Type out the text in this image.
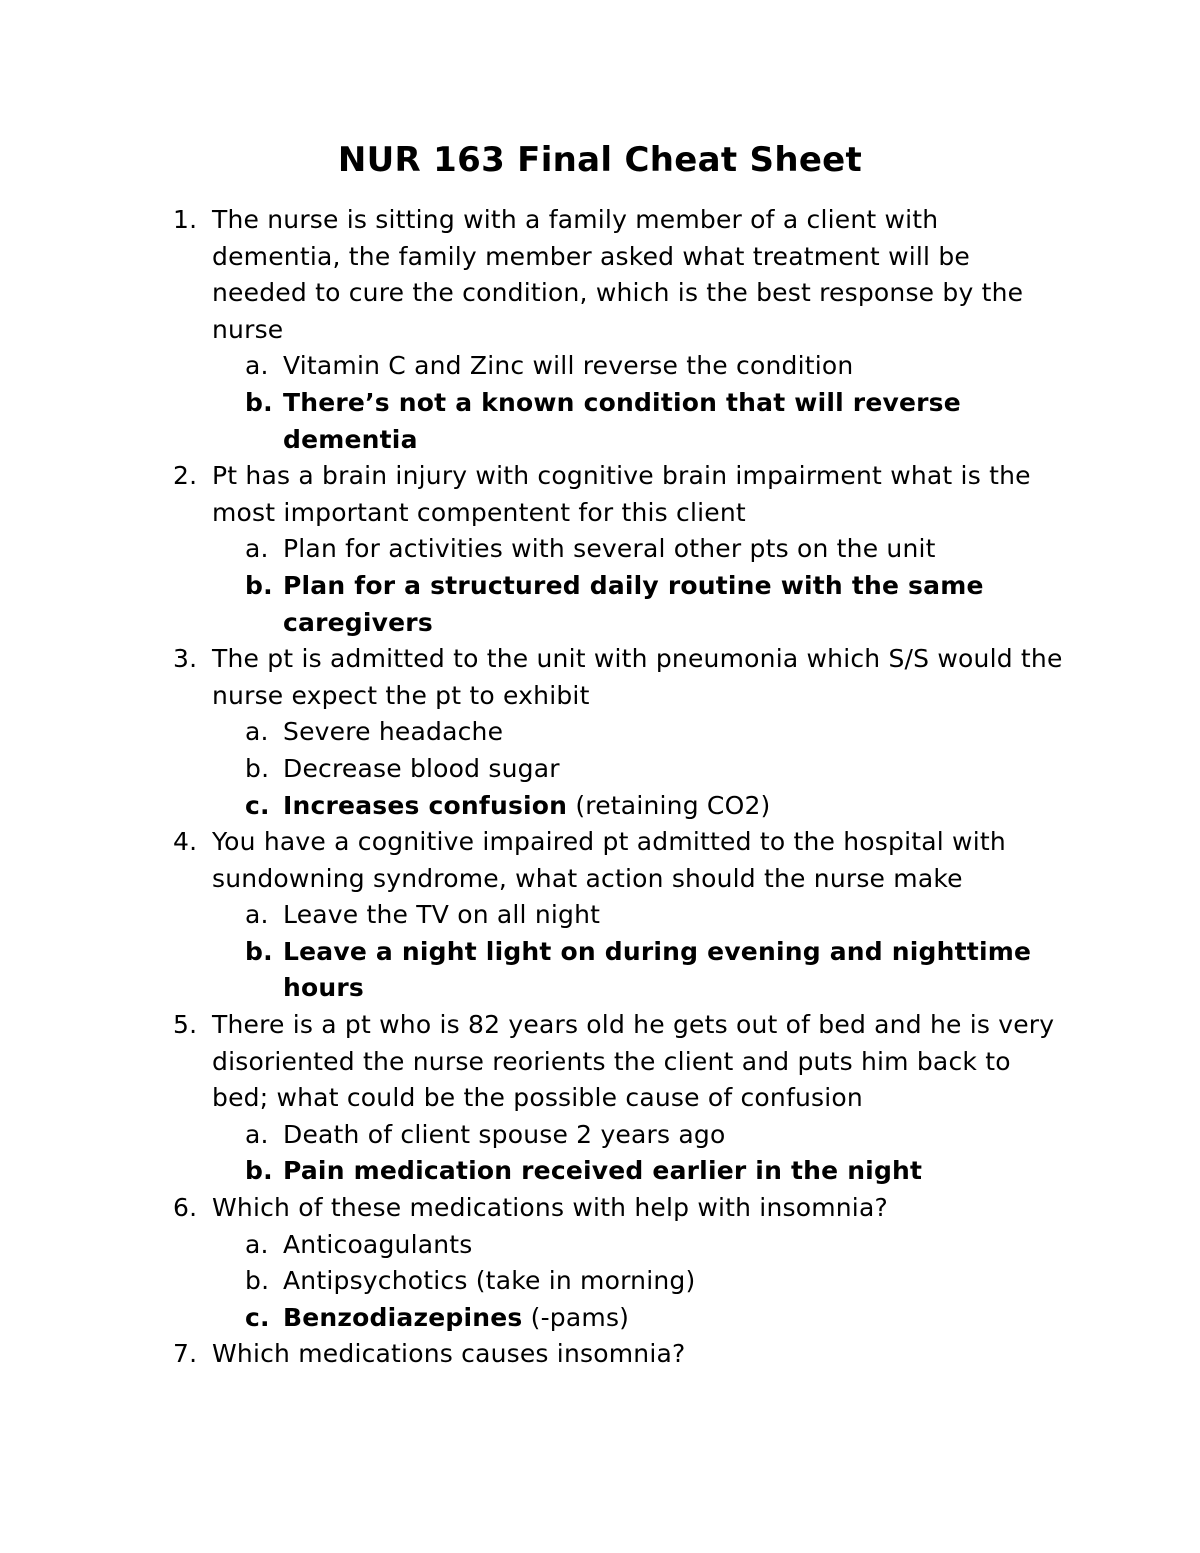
NUR 163 Final Cheat Sheet
1. The nurse is sitting with a family member of a client with dementia, the family member asked what treatment will be needed to cure the condition, which is the best response by the nurse
a. Vitamin C and Zinc will reverse the condition
b. There’s not a known condition that will reverse dementia
2. Pt has a brain injury with cognitive brain impairment what is the most important compentent for this client
a. Plan for activities with several other pts on the unit
b. Plan for a structured daily routine with the same caregivers
3. The pt is admitted to the unit with pneumonia which S/S would the nurse expect the pt to exhibit
a. Severe headache
b. Decrease blood sugar
c. Increases confusion (retaining CO2)
4. You have a cognitive impaired pt admitted to the hospital with sundowning syndrome, what action should the nurse make
a. Leave the TV on all night
b. Leave a night light on during evening and nighttime hours
5. There is a pt who is 82 years old he gets out of bed and he is very disoriented the nurse reorients the client and puts him back to bed; what could be the possible cause of confusion
a. Death of client spouse 2 years ago
b. Pain medication received earlier in the night
6. Which of these medications with help with insomnia?
a. Anticoagulants
b. Antipsychotics (take in morning)
c. Benzodiazepines (-pams)
7. Which medications causes insomnia?
